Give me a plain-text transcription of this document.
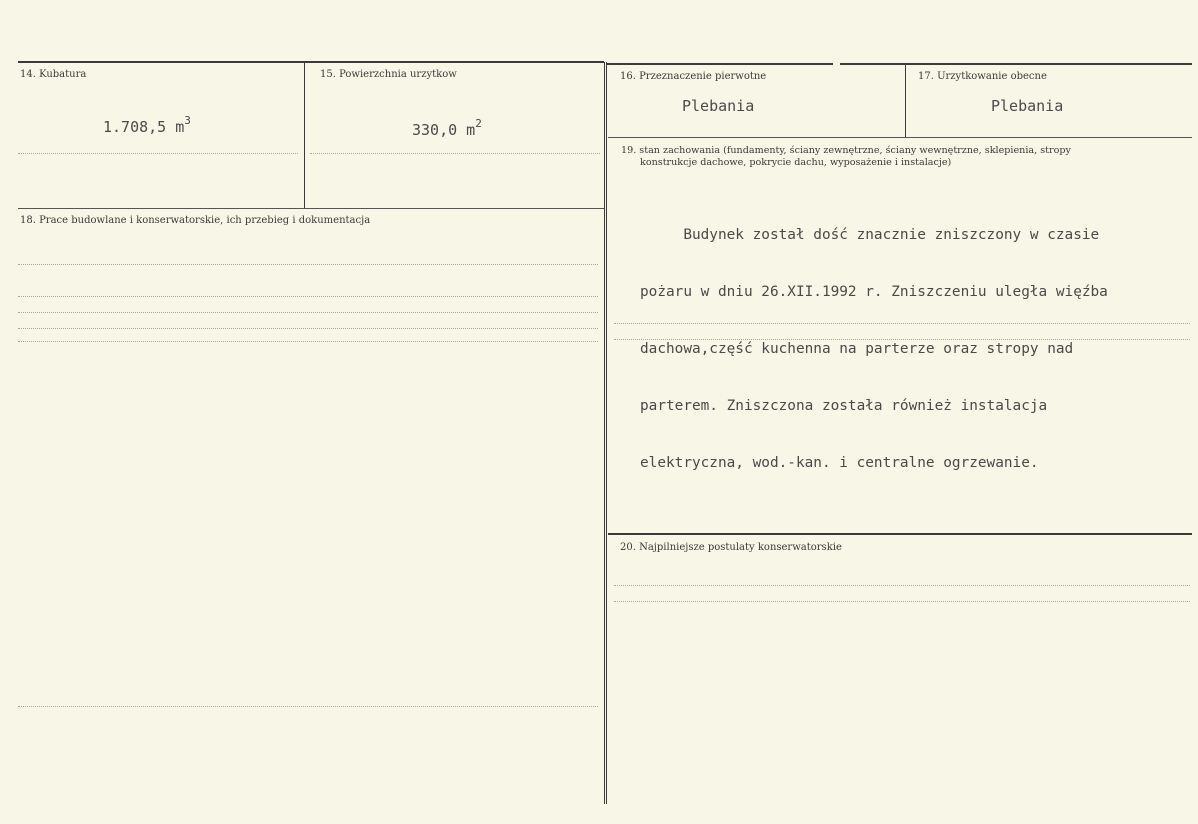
14. Kubatura
1.708,5 $m^3$
15. Powierzchnia urzytkow
330,0 $m^2$
16. Przeznaczenie pierwotne
Plebania
17. Urzytkowanie obecne
Plebania
18. Prace budowlane i konserwatorskie, ich przebieg i dokumentacja
19. stan zachowania (fundamenty, ściany zewnętrzne, ściany wewnętrzne, sklepienia, stropy
konstrukcje dachowe, pokrycie dachu, wyposażenie i instalacje)

Budynek został dość znacznie zniszczony w czasie

pożaru w dniu 26.XII.1992 r. Zniszczeniu uległa więźba

dachowa,część kuchenna na parterze oraz stropy nad

parterem. Zniszczona została również instalacja

elektryczna, wod.-kan. i centralne ogrzewanie.

20. Najpilniejsze postulaty konserwatorskie
